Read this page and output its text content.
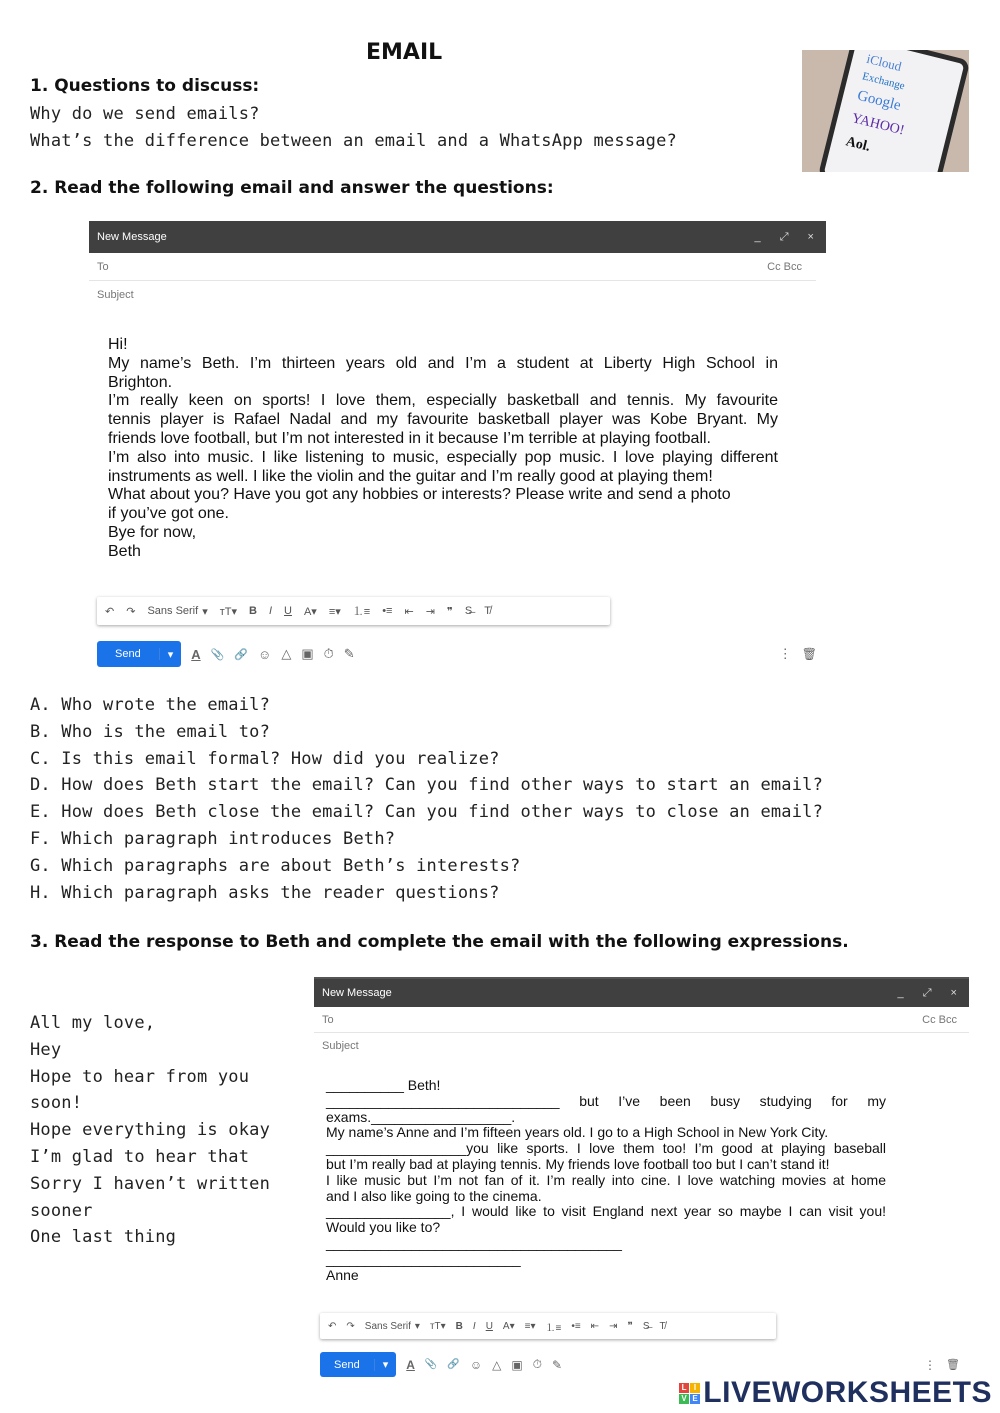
EMAIL
1. Questions to discuss:
Why do we send emails?
What’s the difference between an email and a WhatsApp message?
iCloud
Exchange
Google
YAHOO!
Aol.
2. Read the following email and answer the questions:
New Message	_ ⤢ ×
To	Cc Bcc
Subject
Hi!
My name’s Beth. I’m thirteen years old and I’m a student at Liberty High School in
Brighton.
I’m really keen on sports! I love them, especially basketball and tennis. My favourite
tennis player is Rafael Nadal and my favourite basketball player was Kobe Bryant. My
friends love football, but I’m not interested in it because I’m terrible at playing football.
I’m also into music. I like listening to music, especially pop music. I love playing different
instruments as well. I like the violin and the guitar and I’m really good at playing them!
What about you? Have you got any hobbies or interests? Please write and send a photo
if you’ve got one.
Bye for now,
Beth
↶ ↷ Sans Serif ▾ ᴛT▾ B I U A▾ ≡▾ ⒈≡ •≡ ⇤ ⇥ ❞ S̶ T̸
Send	▾	A 📎 🔗 ☺ △ ▣ ⏱ ✎	⋮ 🗑
A. Who wrote the email?
B. Who is the email to?
C. Is this email formal? How did you realize?
D. How does Beth start the email? Can you find other ways to start an email?
E. How does Beth close the email? Can you find other ways to close an email?
F. Which paragraph introduces Beth?
G. Which paragraphs are about Beth’s interests?
H. Which paragraph asks the reader questions?
3. Read the response to Beth and complete the email with the following expressions.
All my love,
Hey
Hope to hear from you
soon!
Hope everything is okay
I’m glad to hear that
Sorry I haven’t written
sooner
One last thing
New Message	_ ⤢ ×
To	Cc Bcc
Subject
__________ Beth!
______________________________ but I’ve been busy studying for my
exams.__________________.
My name’s Anne and I’m fifteen years old. I go to a High School in New York City.
__________________you like sports. I love them too! I’m good at playing baseball
but I’m really bad at playing tennis. My friends love football too but I can’t stand it!
I like music but I’m not fan of it. I’m really into cine. I love watching movies at home
and I also like going to the cinema.
________________, I would like to visit England next year so maybe I can visit you!
Would you like to?
______________________________________
_________________________
Anne
↶ ↷ Sans Serif ▾ ᴛT▾ B I U A▾ ≡▾ ⒈≡ •≡ ⇤ ⇥ ❞ S̶ T̸
Send	▾	A 📎 🔗 ☺ △ ▣ ⏱ ✎	⋮ 🗑
L I
V E LIVEWORKSHEETS
